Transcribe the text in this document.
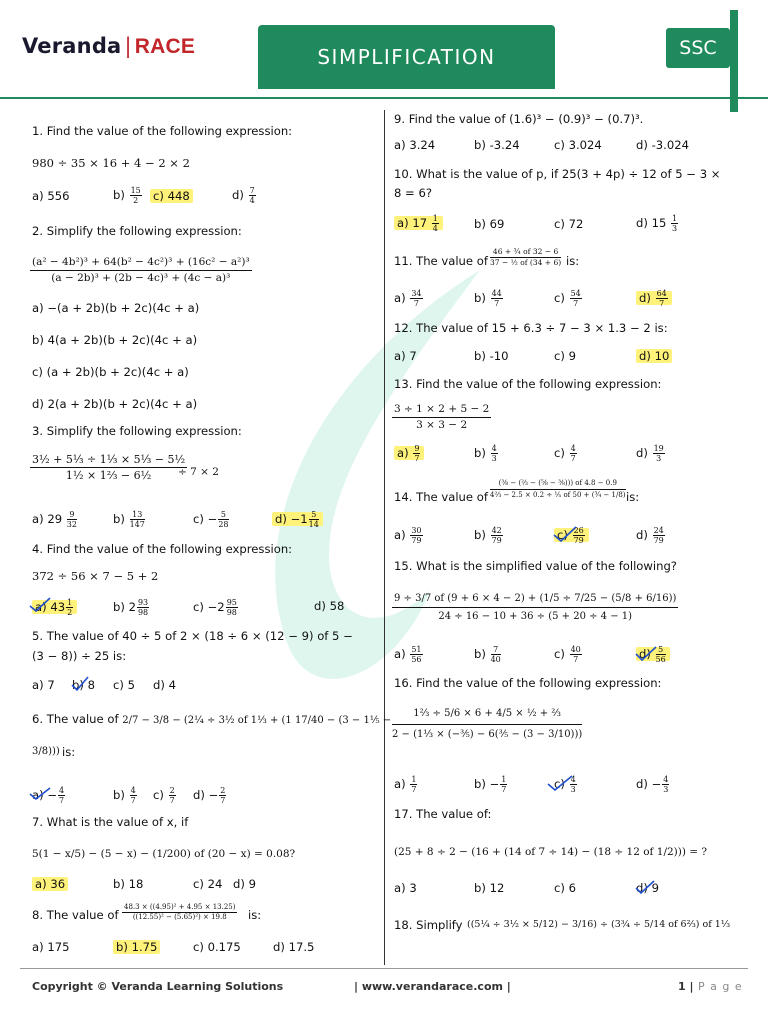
Veranda | RACE	SIMPLIFICATION	SSC
1. Find the value of the following expression:
980 ÷ 35 × 16 + 4 − 2 × 2
a) 556	$b) \frac{15}{2} c$) 448	$d) \frac{7}{4}$
2. Simplify the following expression:
(a² − 4b²)³ + 64(b² − 4c²)³ + (16c² − a²)³
(a − 2b)³ + (2b − 4c)³ + (4c − a)³
a) −(a + 2b)(b + 2c)(4c + a)
b) 4(a + 2b)(b + 2c)(4c + a)
c) (a + 2b)(b + 2c)(4c + a)
d) 2(a + 2b)(b + 2c)(4c + a)
3. Simplify the following expression:
3½ + 5⅓ ÷ 1⅓ × 5⅓ − 5½
1½ × 1⅔ − 6½	÷ 7 × 2
a) $29 \frac{9}{32}$	$b) \frac{13}{147}$	$c) - \frac{5}{28}$	$d) -1 \frac{5}{14}$
4. Find the value of the following expression:
372 ÷ 56 × 7 − 5 + 2
a) $43 \frac{1}{2}$	b) $2 \frac{93}{98}$	$c) -2 \frac{95}{98}$	d) 58
5. The value of 40 ÷ 5 of 2 × (18 ÷ 6 × (12 − 9) of 5 −
(3 − 8)) ÷ 25 is:
a) 7 b) 8 c) 5 d) 4
6. The value of 2/7 − 3/8 − (2¼ ÷ 3½ of 1⅓ + (1 17/40 − (3 − 1⅕ −
3/8))) is:
$a) - \frac{4}{7}$	$b) \frac{4}{7} c) \frac{2}{7} d) - \frac{2}{7}$
7. What is the value of x, if
5(1 − x/5) − (5 − x) − (1/200) of (20 − x) = 0.08?
a) 36	b) 18	c) 24 d) 9
8. The value of
48.3 × ((4.95)² + 4.95 × 13.25)
((12.55)² − (5.65)²) × 19.8	is:
a) 175	b) 1.75	c) 0.175	d) 17.5
9. Find the value of (1.6)³ − (0.9)³ − (0.7)³.
a) 3.24	b) -3.24	c) 3.024	d) -3.024
10. What is the value of p, if 25(3 + 4p) ÷ 12 of 5 − 3 ×
8 = 6?
a) $17 \frac{1}{4}$	b) 69	c) 72	d) $15 \frac{1}{3}$
11. The value of
46 + ¾ of 32 − 6
37 − ½ of (34 + 6) is:
$a) \frac{34}{7}$	$b) \frac{44}{7}$	$c) \frac{54}{7}$	$d) \frac{64}{7}$
12. The value of 15 + 6.3 ÷ 7 − 3 × 1.3 − 2 is:
a) 7	b) -10	c) 9	d) 10
13. Find the value of the following expression:
3 ÷ 1 × 2 + 5 − 2
3 × 3 − 2
$a) \frac{9}{7}$	$b) \frac{4}{3}$	$c) \frac{4}{7}$	$d) \frac{19}{3}$
14. The value of
(⅜ − (⅔ − (⅝ − ⅜))) of 4.8 − 0.9
4⅔ − 2.5 × 0.2 ÷ ⅕ of 50 + (¾ − 1/8) is:
$a) \frac{30}{79}$	$b) \frac{42}{79}$	$c) \frac{26}{79}$	$d) \frac{24}{79}$
15. What is the simplified value of the following?
9 ÷ 3/7 of (9 + 6 × 4 − 2) + (1/5 ÷ 7/25 − (5/8 + 6/16))
24 ÷ 16 − 10 + 36 ÷ (5 + 20 ÷ 4 − 1)
$a) \frac{51}{56}$	$b) \frac{7}{40}$	$c) \frac{40}{7}$	$d) \frac{5}{56}$
16. Find the value of the following expression:
1⅔ ÷ 5/6 × 6 + 4/5 × ½ + ⅔
2 − (1⅓ × (−⅗) − 6(⅗ − (3 − 3/10)))
$a) \frac{1}{7}$	$b) - \frac{1}{7}$	$c) \frac{4}{3}$	$d) - \frac{4}{3}$
17. The value of:
(25 + 8 ÷ 2 − (16 + (14 of 7 ÷ 14) − (18 ÷ 12 of 1/2))) = ?
a) 3	b) 12	c) 6	d) 9
18. Simplify ((5¼ ÷ 3½ × 5/12) − 3/16) ÷ (3¾ ÷ 5/14 of 6⅔) of 1⅓
Copyright © Veranda Learning Solutions	| www.verandarace.com |	1 | P a g e
